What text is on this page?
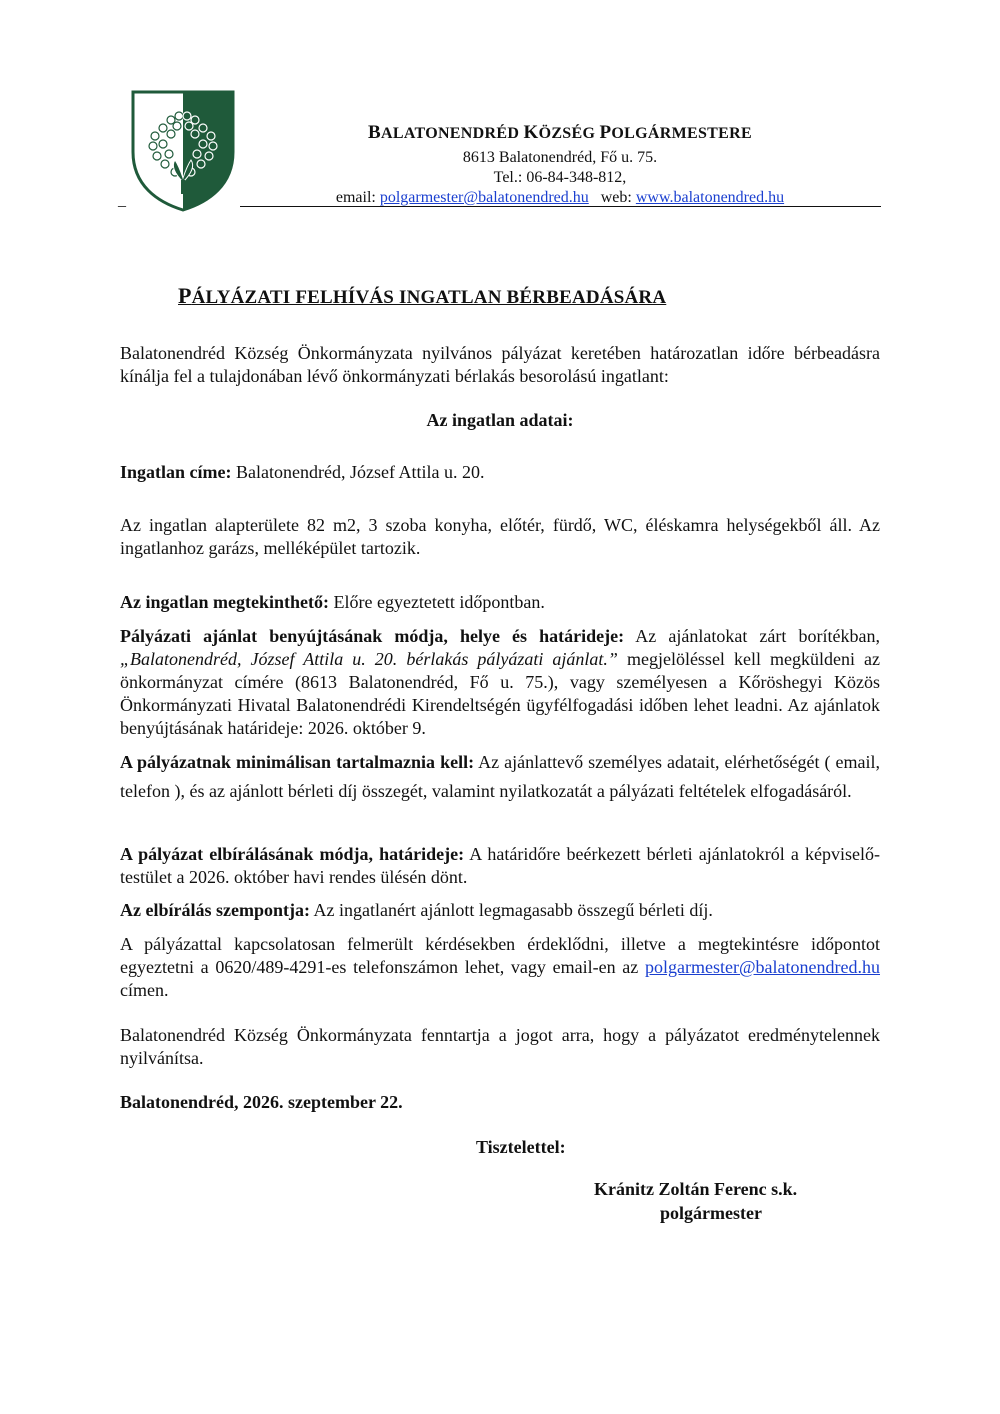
_
BALATONENDRÉD KÖZSÉG POLGÁRMESTERE
8613 Balatonendréd, Fő u. 75.
Tel.: 06-84-348-812,
email: polgarmester@balatonendred.hu web: www.balatonendred.hu
PÁLYÁZATI FELHÍVÁS INGATLAN BÉRBEADÁSÁRA

Balatonendréd Község Önkormányzata nyilvános pályázat keretében határozatlan időre bérbeadásra kínálja fel a tulajdonában lévő önkormányzati bérlakás besorolású ingatlant:

Az ingatlan adatai:

Ingatlan címe: Balatonendréd, József Attila u. 20.

Az ingatlan alapterülete 82 m2, 3 szoba konyha, előtér, fürdő, WC, éléskamra helységekből áll. Az ingatlanhoz garázs, melléképület tartozik.

Az ingatlan megtekinthető: Előre egyeztetett időpontban.

Pályázati ajánlat benyújtásának módja, helye és határideje: Az ajánlatokat zárt borítékban, „Balatonendréd, József Attila u. 20. bérlakás pályázati ajánlat.” megjelöléssel kell megküldeni az önkormányzat címére (8613 Balatonendréd, Fő u. 75.), vagy személyesen a Kőröshegyi Közös Önkormányzati Hivatal Balatonendrédi Kirendeltségén ügyfélfogadási időben lehet leadni. Az ajánlatok benyújtásának határideje: 2026. október 9.

A pályázatnak minimálisan tartalmaznia kell: Az ajánlattevő személyes adatait, elérhetőségét ( email, telefon ), és az ajánlott bérleti díj összegét, valamint nyilatkozatát a pályázati feltételek elfogadásáról.

A pályázat elbírálásának módja, határideje: A határidőre beérkezett bérleti ajánlatokról a képviselő-testület a 2026. október havi rendes ülésén dönt.

Az elbírálás szempontja: Az ingatlanért ajánlott legmagasabb összegű bérleti díj.

A pályázattal kapcsolatosan felmerült kérdésekben érdeklődni, illetve a megtekintésre időpontot egyeztetni a 0620/489-4291-es telefonszámon lehet, vagy email-en az polgarmester@balatonendred.hu címen.

Balatonendréd Község Önkormányzata fenntartja a jogot arra, hogy a pályázatot eredménytelennek nyilvánítsa.

Balatonendréd, 2026. szeptember 22.

Tisztelettel:

Kránitz Zoltán Ferenc s.k.

polgármester
